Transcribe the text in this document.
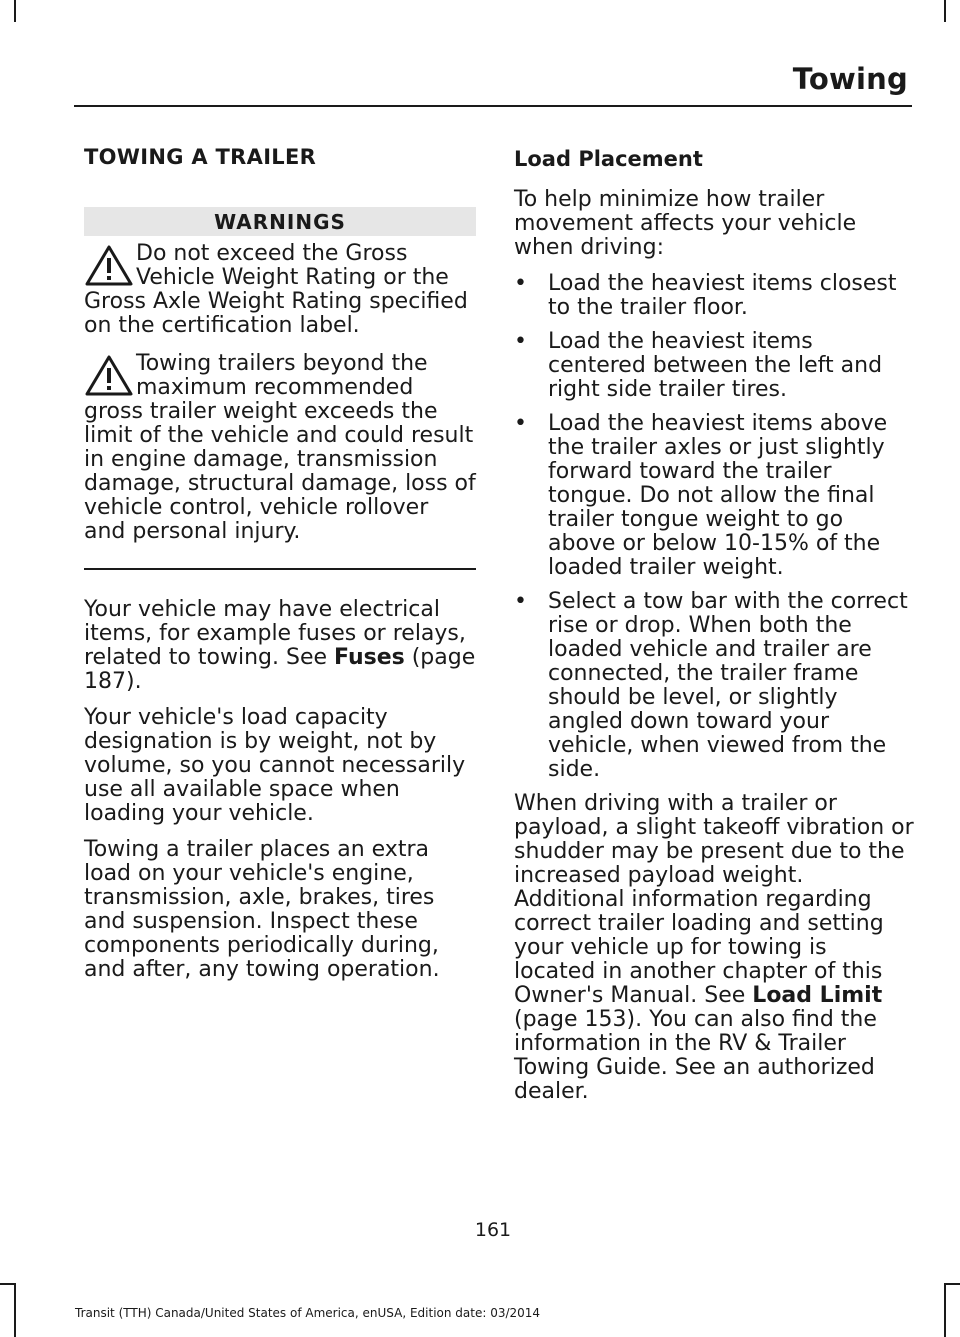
Towing
TOWING A TRAILER
WARNINGS
Do not exceed the Gross Vehicle Weight Rating or the Gross Axle Weight Rating specified on the certification label.
Towing trailers beyond the maximum recommended gross trailer weight exceeds the limit of the vehicle and could result in engine damage, transmission damage, structural damage, loss of vehicle control, vehicle rollover and personal injury.

Your vehicle may have electrical items, for example fuses or relays, related to towing. See Fuses (page 187).

Your vehicle's load capacity designation is by weight, not by volume, so you cannot necessarily use all available space when loading your vehicle.

Towing a trailer places an extra load on your vehicle's engine, transmission, axle, brakes, tires and suspension. Inspect these components periodically during, and after, any towing operation.

Load Placement

To help minimize how trailer movement affects your vehicle when driving:

• Load the heaviest items closest to the trailer floor.
• Load the heaviest items centered between the left and right side trailer tires.
• Load the heaviest items above the trailer axles or just slightly forward toward the trailer tongue. Do not allow the final trailer tongue weight to go above or below 10-15% of the loaded trailer weight.
• Select a tow bar with the correct rise or drop. When both the loaded vehicle and trailer are connected, the trailer frame should be level, or slightly angled down toward your vehicle, when viewed from the side.

When driving with a trailer or payload, a slight takeoff vibration or shudder may be present due to the increased payload weight. Additional information regarding correct trailer loading and setting your vehicle up for towing is located in another chapter of this Owner's Manual. See Load Limit (page 153). You can also find the information in the RV & Trailer Towing Guide. See an authorized dealer.

161
Transit (TTH) Canada/United States of America, enUSA, Edition date: 03/2014
